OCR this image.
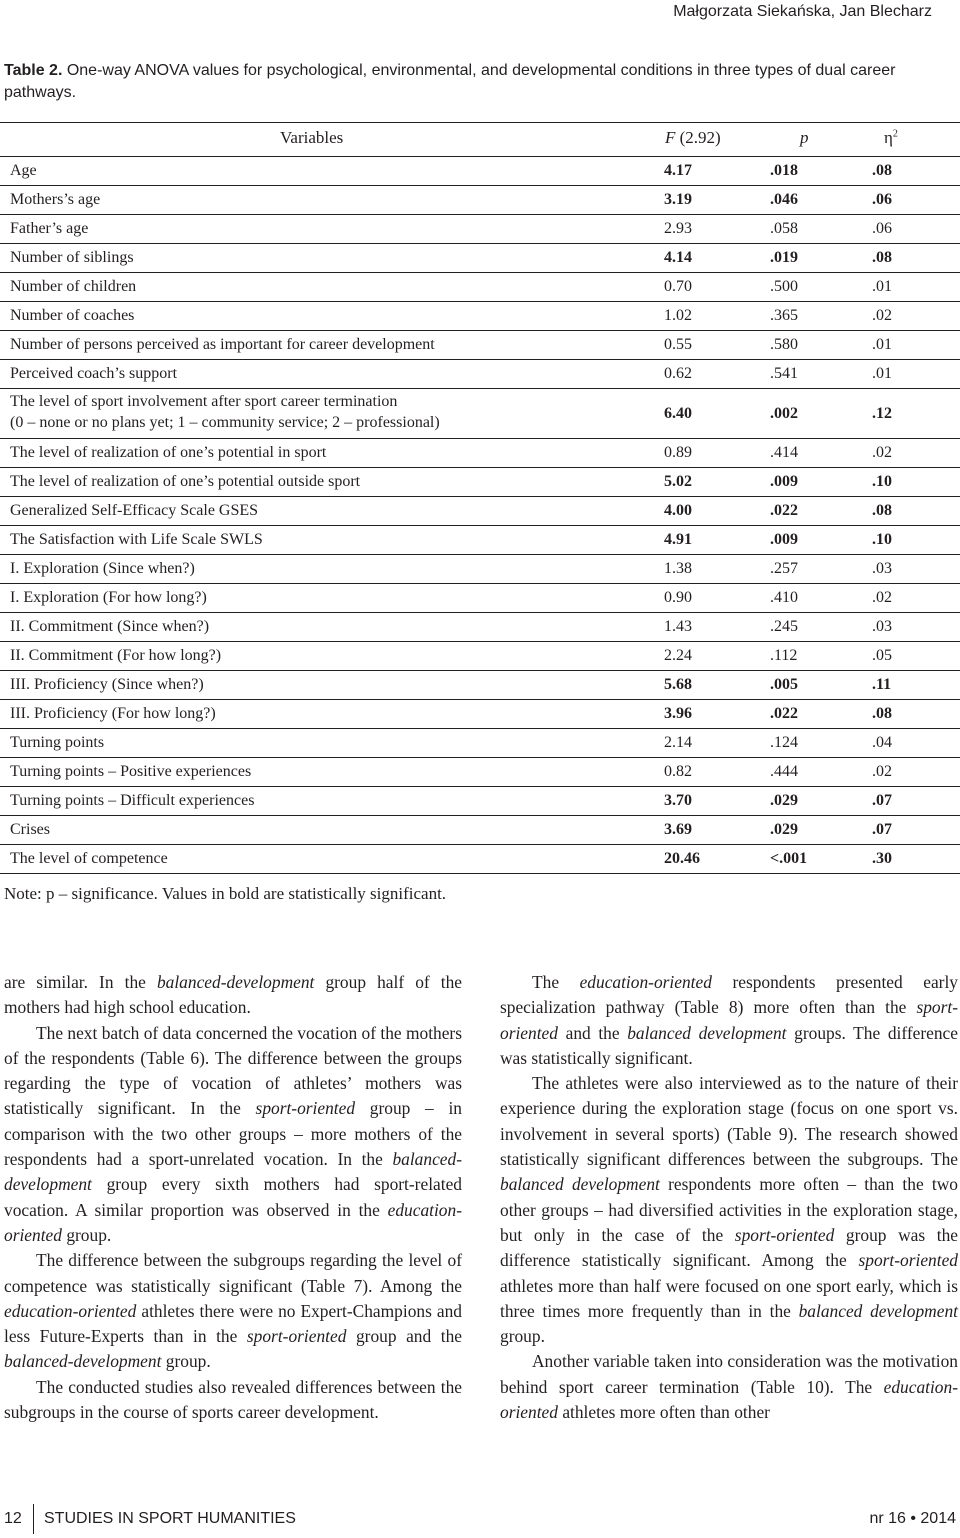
Małgorzata Siekańska, Jan Blecharz
Table 2. One-way ANOVA values for psychological, environmental, and developmental conditions in three types of dual career pathways.
Variables	F (2.92)	p	$\eta^2$
Age	4.17	.018	.08
Mothers’s age	3.19	.046	.06
Father’s age	2.93	.058	.06
Number of siblings	4.14	.019	.08
Number of children	0.70	.500	.01
Number of coaches	1.02	.365	.02
Number of persons perceived as important for career development	0.55	.580	.01
Perceived coach’s support	0.62	.541	.01
The level of sport involvement after sport career termination
(0 – none or no plans yet; 1 – community service; 2 – professional)
6.40	.002	.12
The level of realization of one’s potential in sport	0.89	.414	.02
The level of realization of one’s potential outside sport	5.02	.009	.10
Generalized Self-Efficacy Scale GSES	4.00	.022	.08
The Satisfaction with Life Scale SWLS	4.91	.009	.10
I. Exploration (Since when?)	1.38	.257	.03
I. Exploration (For how long?)	0.90	.410	.02
II. Commitment (Since when?)	1.43	.245	.03
II. Commitment (For how long?)	2.24	.112	.05
III. Proficiency (Since when?)	5.68	.005	.11
III. Proficiency (For how long?)	3.96	.022	.08
Turning points	2.14	.124	.04
Turning points – Positive experiences	0.82	.444	.02
Turning points – Difficult experiences	3.70	.029	.07
Crises	3.69	.029	.07
The level of competence	20.46	<.001	.30
Note: p – significance. Values in bold are statistically significant.

are similar. In the balanced-development group half of the mothers had high school education.

The next batch of data concerned the vocation of the mothers of the respondents (Table 6). The difference between the groups regarding the type of vocation of athletes’ mothers was statistically significant. In the sport-oriented group – in comparison with the two other groups – more mothers of the respondents had a sport-unrelated vocation. In the balanced-development group every sixth mothers had sport-related vocation. A similar proportion was observed in the education-oriented group.

The difference between the subgroups regarding the level of competence was statistically significant (Table 7). Among the education-oriented athletes there were no Expert-Champions and less Future-Experts than in the sport-oriented group and the balanced-development group.

The conducted studies also revealed differences between the subgroups in the course of sports career development.

The education-oriented respondents presented early specialization pathway (Table 8) more often than the sport-oriented and the balanced development groups. The difference was statistically significant.

The athletes were also interviewed as to the nature of their experience during the exploration stage (focus on one sport vs. involvement in several sports) (Table 9). The research showed statistically significant differences between the subgroups. The balanced development respondents more often – than the two other groups – had diversified activities in the exploration stage, but only in the case of the sport-oriented group was the difference statistically significant. Among the sport-oriented athletes more than half were focused on one sport early, which is three times more frequently than in the balanced development group.

Another variable taken into consideration was the motivation behind sport career termination (Table 10). The education-oriented athletes more often than other

12 STUDIES IN SPORT HUMANITIES	nr 16 • 2014
